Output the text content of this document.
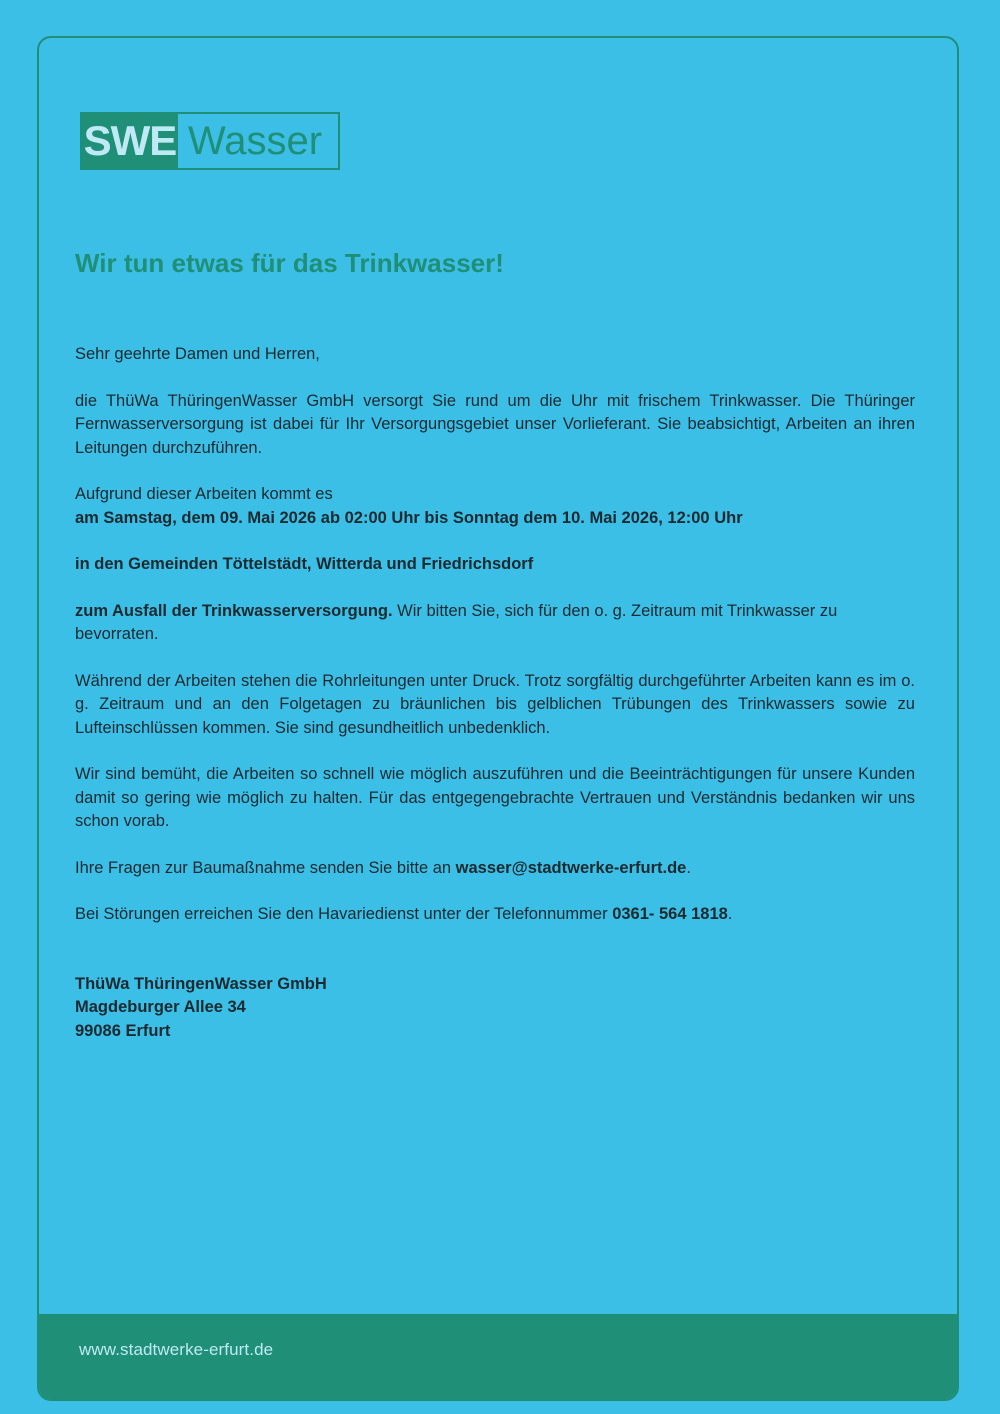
www.stadtwerke-erfurt.de
SWE Wasser
Wir tun etwas für das Trinkwasser!

Sehr geehrte Damen und Herren,

die ThüWa ThüringenWasser GmbH versorgt Sie rund um die Uhr mit frischem Trinkwasser. Die Thüringer Fernwasserversorgung ist dabei für Ihr Versorgungsgebiet unser Vorlieferant. Sie beabsichtigt, Arbeiten an ihren Leitungen durchzuführen.

Aufgrund dieser Arbeiten kommt es

am Samstag, dem 09. Mai 2026 ab 02:00 Uhr bis Sonntag dem 10. Mai 2026, 12:00 Uhr

in den Gemeinden Töttelstädt, Witterda und Friedrichsdorf

zum Ausfall der Trinkwasserversorgung. Wir bitten Sie, sich für den o. g. Zeitraum mit Trinkwasser zu bevorraten.

Während der Arbeiten stehen die Rohrleitungen unter Druck. Trotz sorgfältig durchgeführter Arbeiten kann es im o. g. Zeitraum und an den Folgetagen zu bräunlichen bis gelblichen Trübungen des Trinkwassers sowie zu Lufteinschlüssen kommen. Sie sind gesundheitlich unbedenklich.

Wir sind bemüht, die Arbeiten so schnell wie möglich auszuführen und die Beeinträchtigungen für unsere Kunden damit so gering wie möglich zu halten. Für das entgegengebrachte Vertrauen und Verständnis bedanken wir uns schon vorab.

Ihre Fragen zur Baumaßnahme senden Sie bitte an wasser@stadtwerke-erfurt.de.

Bei Störungen erreichen Sie den Havariedienst unter der Telefonnummer 0361- 564 1818.

ThüWa ThüringenWasser GmbH

Magdeburger Allee 34

99086 Erfurt
